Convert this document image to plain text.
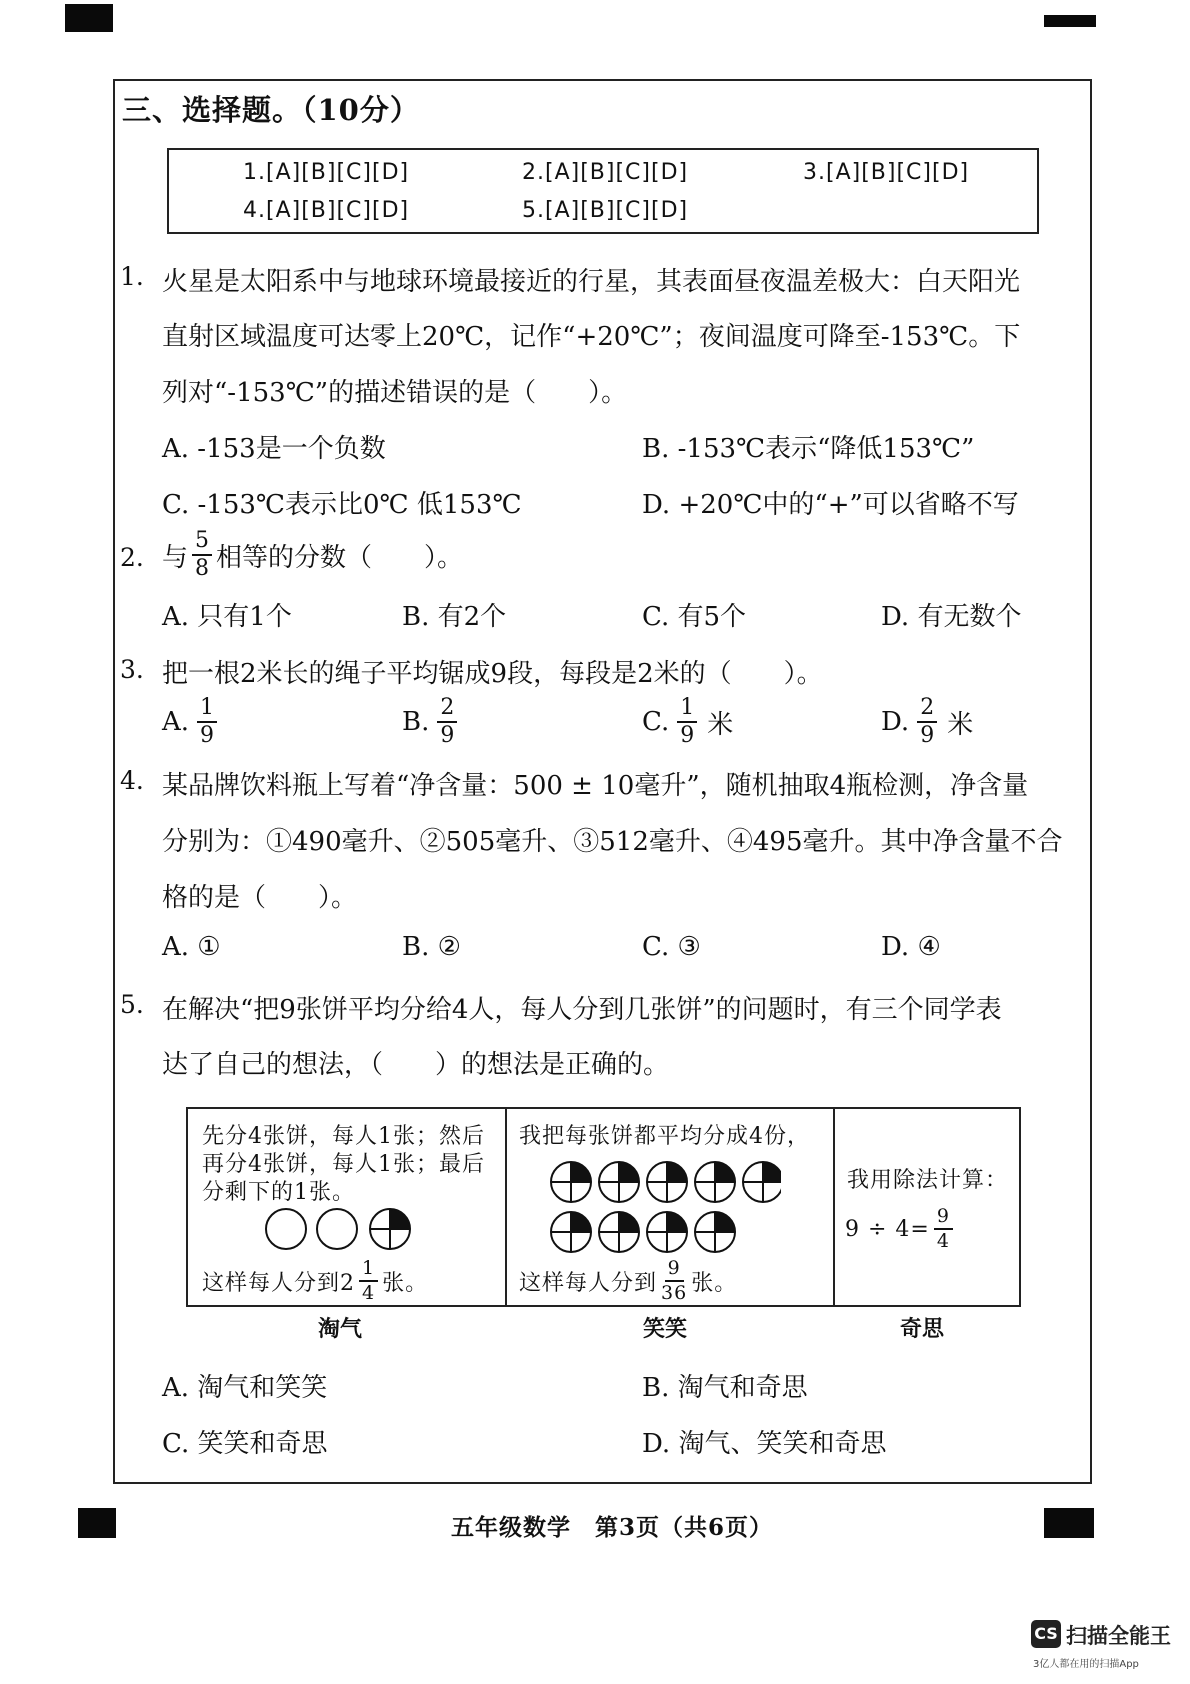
三、选择题。（10分）
1.[A][B][C][D]	2.[A][B][C][D]	3.[A][B][C][D]
4.[A][B][C][D]	5.[A][B][C][D]
1. 火星是太阳系中与地球环境最接近的行星，其表面昼夜温差极大：白天阳光
直射区域温度可达零上20℃，记作“+20℃”；夜间温度可降至-153℃。下
列对“-153℃”的描述错误的是（　　）。
A. -153是一个负数	B. -153℃表示“降低153℃”
C. -153℃表示比0℃ 低153℃	D. +20℃中的“+”可以省略不写
2. 与 $\frac{5}{8}$ 相等的分数（　　）。
A. 只有1个	B. 有2个	C. 有5个	D. 有无数个
3. 把一根2米长的绳子平均锯成9段，每段是2米的（　　）。
A. $\frac{1}{9}$	B. $\frac{2}{9}$	C. $\frac{1}{9}$ 米	D. $\frac{2}{9}$ 米
4. 某品牌饮料瓶上写着“净含量：500 ± 10毫升”，随机抽取4瓶检测，净含量
分别为：①490毫升、②505毫升、③512毫升、④495毫升。其中净含量不合
格的是（　　）。
A. ①	B. ②	C. ③	D. ④
5. 在解决“把9张饼平均分给4人，每人分到几张饼”的问题时，有三个同学表
达了自己的想法，（　　）的想法是正确的。
先分4张饼，每人1张；然后
再分4张饼，每人1张；最后
分剩下的1张。
这样每人分到$2 \frac{1}{4}$ 张。
我把每张饼都平均分成4份，
这样每人分到 $\frac{9}{36}$ 张。
我用除法计算：
$9 \div 4= \frac{9}{4}$
淘气	笑笑	奇思
A. 淘气和笑笑	B. 淘气和奇思
C. 笑笑和奇思	D. 淘气、笑笑和奇思
五年级数学　第3页（共6页）
CS 扫描全能王
3亿人都在用的扫描App
